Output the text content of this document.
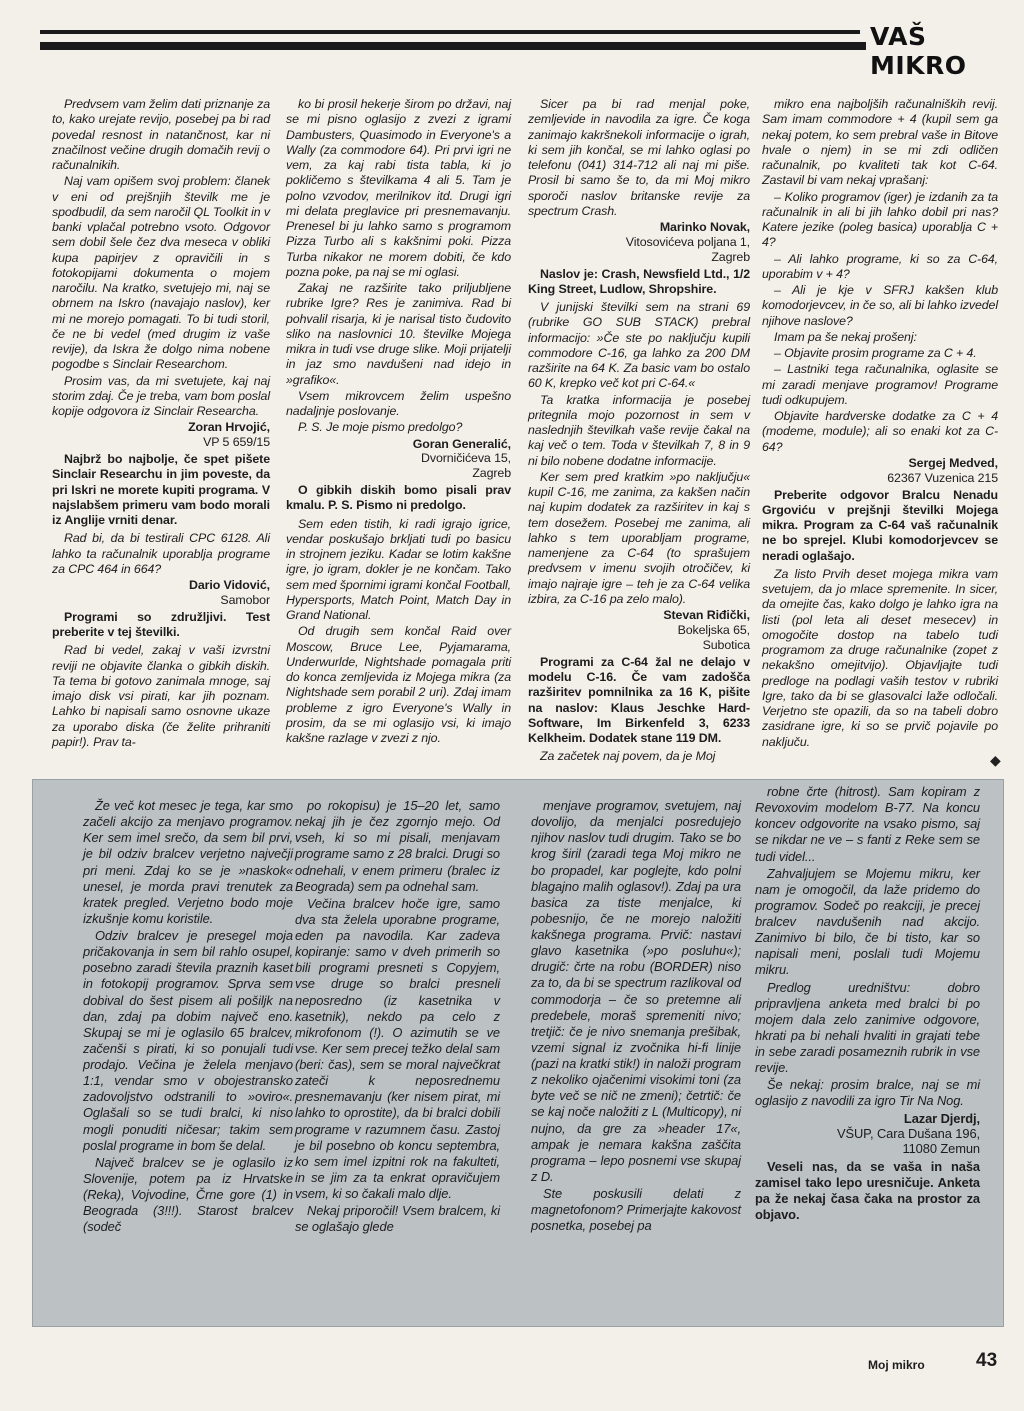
VAŠ MIKRO

Predvsem vam želim dati priznanje za to, kako urejate revijo, posebej pa bi rad povedal resnost in natančnost, kar ni značilnost večine drugih domačih revij o računalnikih.

Naj vam opišem svoj problem: članek v eni od prejšnjih številk me je spodbudil, da sem naročil QL Toolkit in v banki vplačal potrebno vsoto. Odgovor sem dobil šele čez dva meseca v obliki kupa papirjev z opravičili in s fotokopijami dokumenta o mojem naročilu. Na kratko, svetujejo mi, naj se obrnem na Iskro (navajajo naslov), ker mi ne morejo pomagati. To bi tudi storil, če ne bi vedel (med drugim iz vaše revije), da Iskra že dolgo nima nobene pogodbe s Sinclair Researchom.

Prosim vas, da mi svetujete, kaj naj storim zdaj. Če je treba, vam bom poslal kopije odgovora iz Sinclair Researcha.

Zoran Hrvojić,
VP 5 659/15

Najbrž bo najbolje, če spet pišete Sinclair Researchu in jim poveste, da pri Iskri ne morete kupiti programa. V najslabšem primeru vam bodo morali iz Anglije vrniti denar.

Rad bi, da bi testirali CPC 6128. Ali lahko ta računalnik uporablja programe za CPC 464 in 664?

Dario Vidović,
Samobor

Programi so združljivi. Test preberite v tej številki.

Rad bi vedel, zakaj v vaši izvrstni reviji ne objavite članka o gibkih diskih. Ta tema bi gotovo zanimala mnoge, saj imajo disk vsi pirati, kar jih poznam. Lahko bi napisali samo osnovne ukaze za uporabo diska (če želite prihraniti papir!). Prav ta-

ko bi prosil hekerje širom po državi, naj se mi pisno oglasijo z zvezi z igrami Dambusters, Quasimodo in Everyone's a Wally (za commodore 64). Pri prvi igri ne vem, za kaj rabi tista tabla, ki jo pokličemo s številkama 4 ali 5. Tam je polno vzvodov, merilnikov itd. Drugi igri mi delata preglavice pri presnemavanju. Prenesel bi ju lahko samo s programom Pizza Turbo ali s kakšnimi poki. Pizza Turba nikakor ne morem dobiti, če kdo pozna poke, pa naj se mi oglasi.

Zakaj ne razširite tako priljubljene rubrike Igre? Res je zanimiva. Rad bi pohvalil risarja, ki je narisal tisto čudovito sliko na naslovnici 10. številke Mojega mikra in tudi vse druge slike. Moji prijatelji in jaz smo navdušeni nad idejo in »grafiko«.

Vsem mikrovcem želim uspešno nadaljnje poslovanje.

P. S. Je moje pismo predolgo?

Goran Generalić,
Dvorničićeva 15,
Zagreb

O gibkih diskih bomo pisali prav kmalu. P. S. Pismo ni predolgo.

Sem eden tistih, ki radi igrajo igrice, vendar poskušajo brkljati tudi po basicu in strojnem jeziku. Kadar se lotim kakšne igre, jo igram, dokler je ne končam. Tako sem med špornimi igrami končal Football, Hypersports, Match Point, Match Day in Grand National.

Od drugih sem končal Raid over Moscow, Bruce Lee, Pyjamarama, Underwurlde, Nightshade pomagala priti do konca zemljevida iz Mojega mikra (za Nightshade sem porabil 2 uri). Zdaj imam probleme z igro Everyone's Wally in prosim, da se mi oglasijo vsi, ki imajo kakšne razlage v zvezi z njo.

Sicer pa bi rad menjal poke, zemljevide in navodila za igre. Če koga zanimajo kakršnekoli informacije o igrah, ki sem jih končal, se mi lahko oglasi po telefonu (041) 314-712 ali naj mi piše. Prosil bi samo še to, da mi Moj mikro sporoči naslov britanske revije za spectrum Crash.

Marinko Novak,
Vitosovićeva poljana 1,
Zagreb

Naslov je: Crash, Newsfield Ltd., 1/2 King Street, Ludlow, Shropshire.

V junijski številki sem na strani 69 (rubrike GO SUB STACK) prebral informacijo: »Če ste po naključju kupili commodore C-16, ga lahko za 200 DM razširite na 64 K. Za basic vam bo ostalo 60 K, krepko več kot pri C-64.«

Ta kratka informacija je posebej pritegnila mojo pozornost in sem v naslednjih številkah vaše revije čakal na kaj več o tem. Toda v številkah 7, 8 in 9 ni bilo nobene dodatne informacije.

Ker sem pred kratkim »po naključju« kupil C-16, me zanima, za kakšen način naj kupim dodatek za razširitev in kaj s tem dosežem. Posebej me zanima, ali lahko s tem uporabljam programe, namenjene za C-64 (to sprašujem predvsem v imenu svojih otročičev, ki imajo najraje igre – teh je za C-64 velika izbira, za C-16 pa zelo malo).

Stevan Riđički,
Bokeljska 65,
Subotica

Programi za C-64 žal ne delajo v modelu C-16. Če vam zadošča razširitev pomnilnika za 16 K, pišite na naslov: Klaus Jeschke Hard-Software, Im Birkenfeld 3, 6233 Kelkheim. Dodatek stane 119 DM.

Za začetek naj povem, da je Moj

mikro ena najboljših računalniških revij. Sam imam commodore + 4 (kupil sem ga nekaj potem, ko sem prebral vaše in Bitove hvale o njem) in se mi zdi odličen računalnik, po kvaliteti tak kot C-64. Zastavil bi vam nekaj vprašanj:

– Koliko programov (iger) je izdanih za ta računalnik in ali bi jih lahko dobil pri nas? Katere jezike (poleg basica) uporablja C + 4?

– Ali lahko programe, ki so za C-64, uporabim v + 4?

– Ali je kje v SFRJ kakšen klub komodorjevcev, in če so, ali bi lahko izvedel njihove naslove?

Imam pa še nekaj prošenj:

– Objavite prosim programe za C + 4.

– Lastniki tega računalnika, oglasite se mi zaradi menjave programov! Programe tudi odkupujem.

Objavite hardverske dodatke za C + 4 (modeme, module); ali so enaki kot za C-64?

Sergej Medved,
62367 Vuzenica 215

Preberite odgovor Bralcu Nenadu Grgoviću v prejšnji številki Mojega mikra. Program za C-64 vaš računalnik ne bo sprejel. Klubi komodorjevcev se neradi oglašajo.

Za listo Prvih deset mojega mikra vam svetujem, da jo mlace spremenite. In sicer, da omejite čas, kako dolgo je lahko igra na listi (pol leta ali deset mesecev) in omogočite dostop na tabelo tudi programom za druge računalnike (zopet z nekakšno omejitvijo). Objavljajte tudi predloge na podlagi vaših testov v rubriki Igre, tako da bi se glasovalci laže odločali. Verjetno ste opazili, da so na tabeli dobro zasidrane igre, ki so se prvič pojavile po naključu.

◆

Že več kot mesec je tega, kar smo začeli akcijo za menjavo programov. Ker sem imel srečo, da sem bil prvi, je bil odziv bralcev verjetno največji pri meni. Zdaj ko se je »naskok« unesel, je morda pravi trenutek za kratek pregled. Verjetno bodo moje izkušnje komu koristile.

Odziv bralcev je presegel moja pričakovanja in sem bil rahlo osupel, posebno zaradi števila praznih kaset in fotokopij programov. Sprva sem dobival do šest pisem ali pošiljk na dan, zdaj pa dobim največ eno. Skupaj se mi je oglasilo 65 bralcev, začenši s pirati, ki so ponujali tudi prodajo. Večina je želela menjavo 1:1, vendar smo v obojestransko zadovoljstvo odstranili to »oviro«. Oglašali so se tudi bralci, ki niso mogli ponuditi ničesar; takim sem poslal programe in bom še delal.

Največ bralcev se je oglasilo iz Slovenije, potem pa iz Hrvatske (Reka), Vojvodine, Črne gore (1) in Beograda (3!!!). Starost bralcev (sodeč

po rokopisu) je 15–20 let, samo nekaj jih je čez zgornjo mejo. Od vseh, ki so mi pisali, menjavam programe samo z 28 bralci. Drugi so odnehali, v enem primeru (bralec iz Beograda) sem pa odnehal sam.

Večina bralcev hoče igre, samo dva sta želela uporabne programe, eden pa navodila. Kar zadeva kopiranje: samo v dveh primerih so bili programi presneti s Copyjem, vse druge so bralci presneli neposredno (iz kasetnika v kasetnik), nekdo pa celo z mikrofonom (!). O azimutih se ve vse. Ker sem precej težko delal sam (beri: čas), sem se moral največkrat zateči k neposrednemu presnemavanju (ker nisem pirat, mi lahko to oprostite), da bi bralci dobili programe v razumnem času. Zastoj je bil posebno ob koncu septembra, ko sem imel izpitni rok na fakulteti, in se jim za ta enkrat opravičujem vsem, ki so čakali malo dlje.

Nekaj priporočil! Vsem bralcem, ki se oglašajo glede

menjave programov, svetujem, naj dovolijo, da menjalci posredujejo njihov naslov tudi drugim. Tako se bo krog širil (zaradi tega Moj mikro ne bo propadel, kar poglejte, kdo polni blagajno malih oglasov!). Zdaj pa ura basica za tiste menjalce, ki pobesnijo, če ne morejo naložiti kakšnega programa. Prvič: nastavi glavo kasetnika (»po posluhu«); drugič: črte na robu (BORDER) niso za to, da bi se spectrum razlikoval od commodorja – če so pretemne ali predebele, moraš spremeniti nivo; tretjič: če je nivo snemanja prešibak, vzemi signal iz zvočnika hi-fi linije (pazi na kratki stik!) in naloži program z nekoliko ojačenimi visokimi toni (za byte več se nič ne zmeni); četrtič: če se kaj noče naložiti z L (Multicopy), ni nujno, da gre za »header 17«, ampak je nemara kakšna zaščita programa – lepo posnemi vse skupaj z D.

Ste poskusili delati z magnetofonom? Primerjajte kakovost posnetka, posebej pa

robne črte (hitrost). Sam kopiram z Revoxovim modelom B-77. Na koncu koncev odgovorite na vsako pismo, saj se nikdar ne ve – s fanti z Reke sem se tudi videl...

Zahvaljujem se Mojemu mikru, ker nam je omogočil, da laže pridemo do programov. Sodeč po reakciji, je precej bralcev navdušenih nad akcijo. Zanimivo bi bilo, če bi tisto, kar so napisali meni, poslali tudi Mojemu mikru.

Predlog uredništvu: dobro pripravljena anketa med bralci bi po mojem dala zelo zanimive odgovore, hkrati pa bi nehali hvaliti in grajati tebe in sebe zaradi posameznih rubrik in vse revije.

Še nekaj: prosim bralce, naj se mi oglasijo z navodili za igro Tir Na Nog.

Lazar Djerdj,
VŠUP, Cara Dušana 196,
11080 Zemun

Veseli nas, da se vaša in naša zamisel tako lepo uresničuje. Anketa pa že nekaj časa čaka na prostor za objavo.

Moj mikro	43
